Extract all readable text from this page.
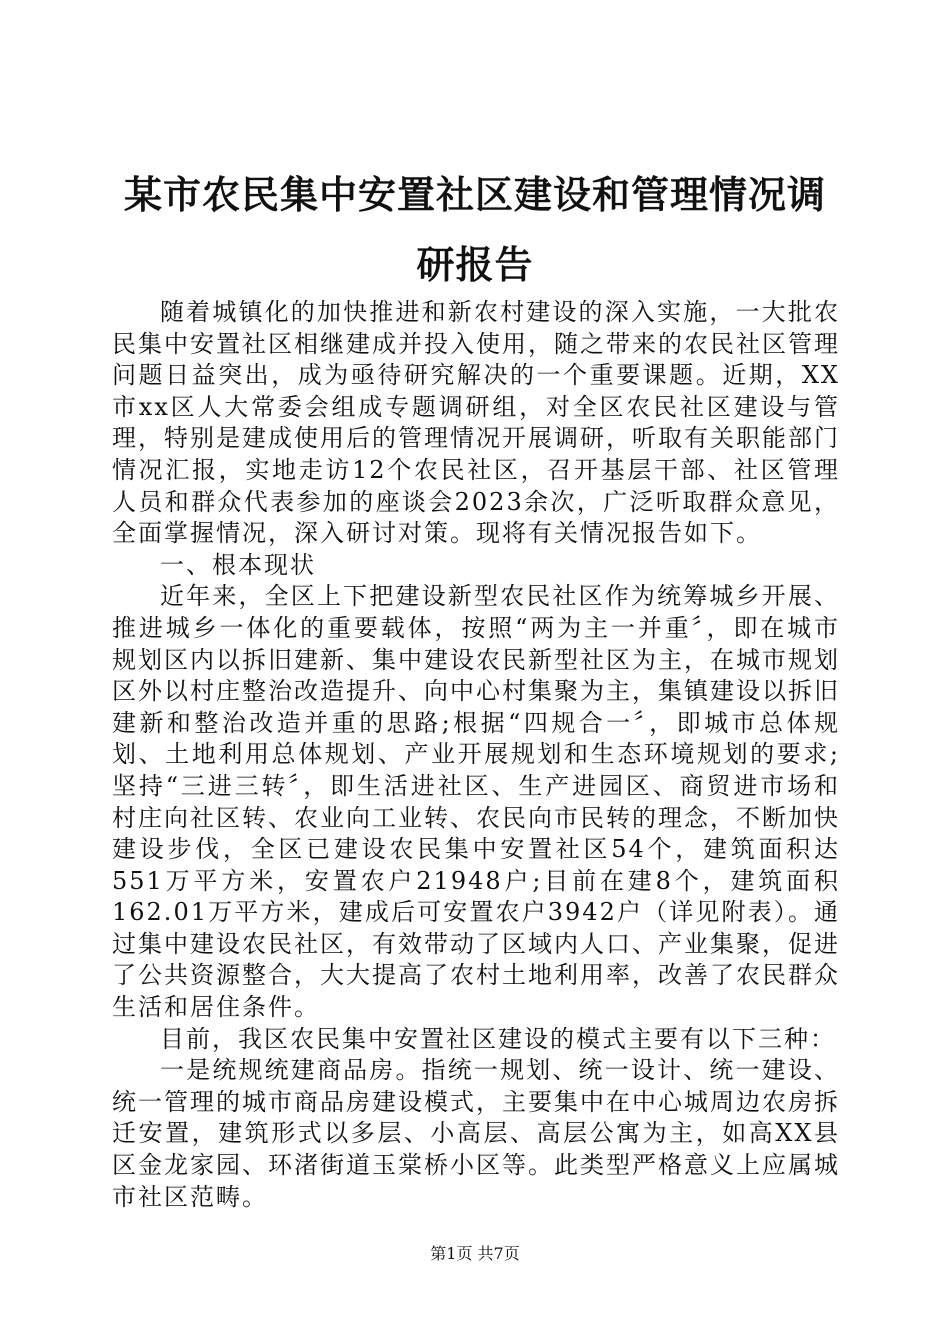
某市农民集中安置社区建设和管理情况调研报告

随着城镇化的加快推进和新农村建设的深入实施，一大批农民集中安置社区相继建成并投入使用，随之带来的农民社区管理问题日益突出，成为亟待研究解决的一个重要课题。近期，XX市xx区人大常委会组成专题调研组，对全区农民社区建设与管理，特别是建成使用后的管理情况开展调研，听取有关职能部门情况汇报，实地走访12个农民社区，召开基层干部、社区管理人员和群众代表参加的座谈会2023余次，广泛听取群众意见，全面掌握情况，深入研讨对策。现将有关情况报告如下。

一、根本现状

近年来，全区上下把建设新型农民社区作为统筹城乡开展、推进城乡一体化的重要载体，按照“两为主一并重〞，即在城市规划区内以拆旧建新、集中建设农民新型社区为主，在城市规划区外以村庄整治改造提升、向中心村集聚为主，集镇建设以拆旧建新和整治改造并重的思路;根据“四规合一〞，即城市总体规划、土地利用总体规划、产业开展规划和生态环境规划的要求;坚持“三进三转〞，即生活进社区、生产进园区、商贸进市场和村庄向社区转、农业向工业转、农民向市民转的理念，不断加快建设步伐，全区已建设农民集中安置社区54个，建筑面积达551万平方米，安置农户21948户;目前在建8个，建筑面积162.01万平方米，建成后可安置农户3942户（详见附表）。通过集中建设农民社区，有效带动了区域内人口、产业集聚，促进了公共资源整合，大大提高了农村土地利用率，改善了农民群众生活和居住条件。

目前，我区农民集中安置社区建设的模式主要有以下三种：

一是统规统建商品房。指统一规划、统一设计、统一建设、统一管理的城市商品房建设模式，主要集中在中心城周边农房拆迁安置，建筑形式以多层、小高层、高层公寓为主，如高XX县区金龙家园、环渚街道玉棠桥小区等。此类型严格意义上应属城市社区范畴。

第1页 共7页
